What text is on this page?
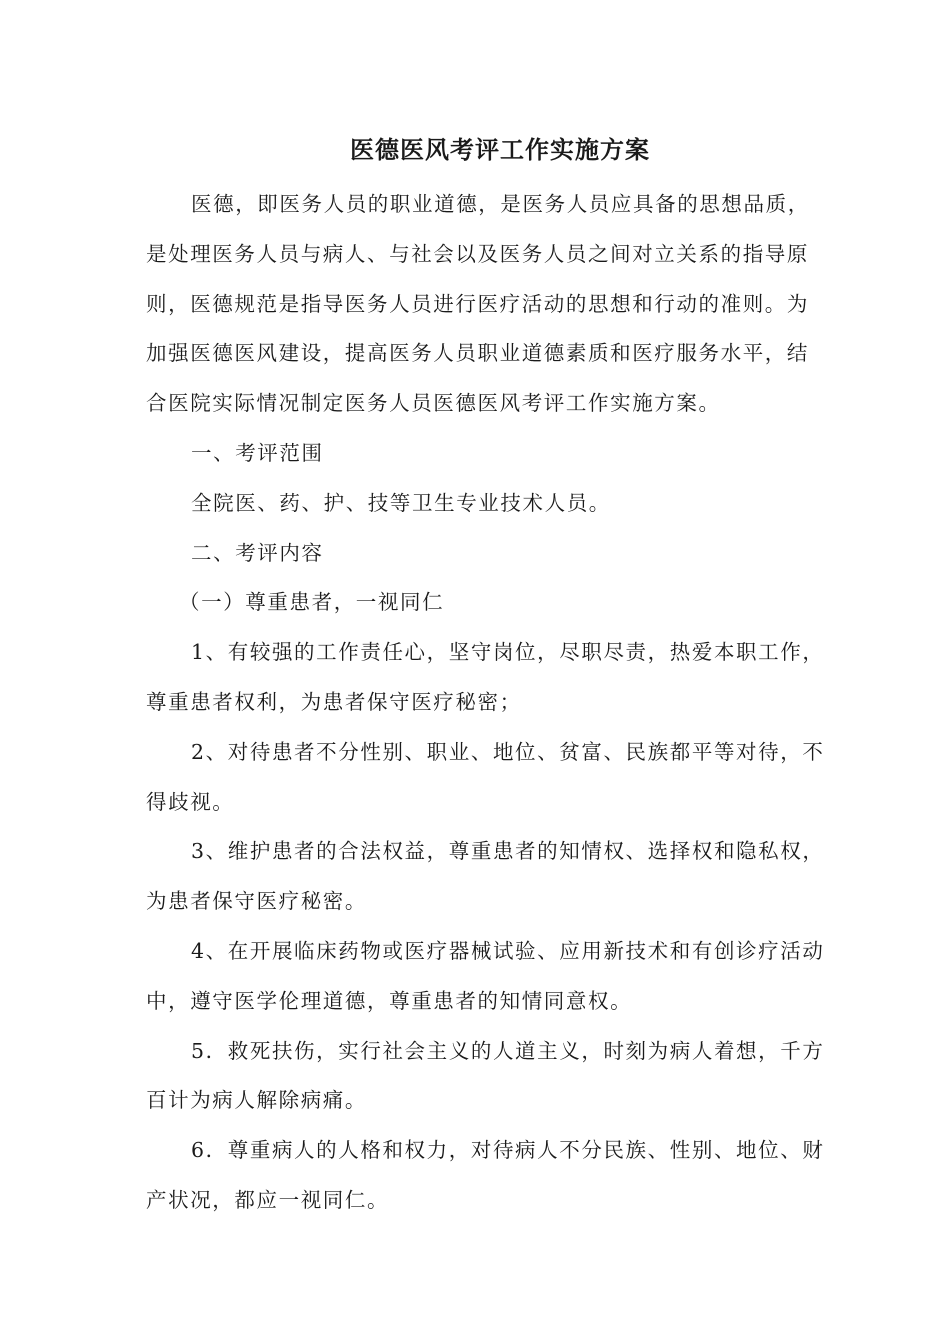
医德医风考评工作实施方案

医德，即医务人员的职业道德，是医务人员应具备的思想品质，是处理医务人员与病人、与社会以及医务人员之间对立关系的指导原则，医德规范是指导医务人员进行医疗活动的思想和行动的准则。为加强医德医风建设，提高医务人员职业道德素质和医疗服务水平，结合医院实际情况制定医务人员医德医风考评工作实施方案。

一、考评范围

全院医、药、护、技等卫生专业技术人员。

二、考评内容

（一）尊重患者，一视同仁

1、有较强的工作责任心，坚守岗位，尽职尽责，热爱本职工作，尊重患者权利，为患者保守医疗秘密；

2、对待患者不分性别、职业、地位、贫富、民族都平等对待，不得歧视。

3、维护患者的合法权益，尊重患者的知情权、选择权和隐私权，为患者保守医疗秘密。

4、在开展临床药物或医疗器械试验、应用新技术和有创诊疗活动中，遵守医学伦理道德，尊重患者的知情同意权。

5．救死扶伤，实行社会主义的人道主义，时刻为病人着想，千方百计为病人解除病痛。

6．尊重病人的人格和权力，对待病人不分民族、性别、地位、财产状况，都应一视同仁。
